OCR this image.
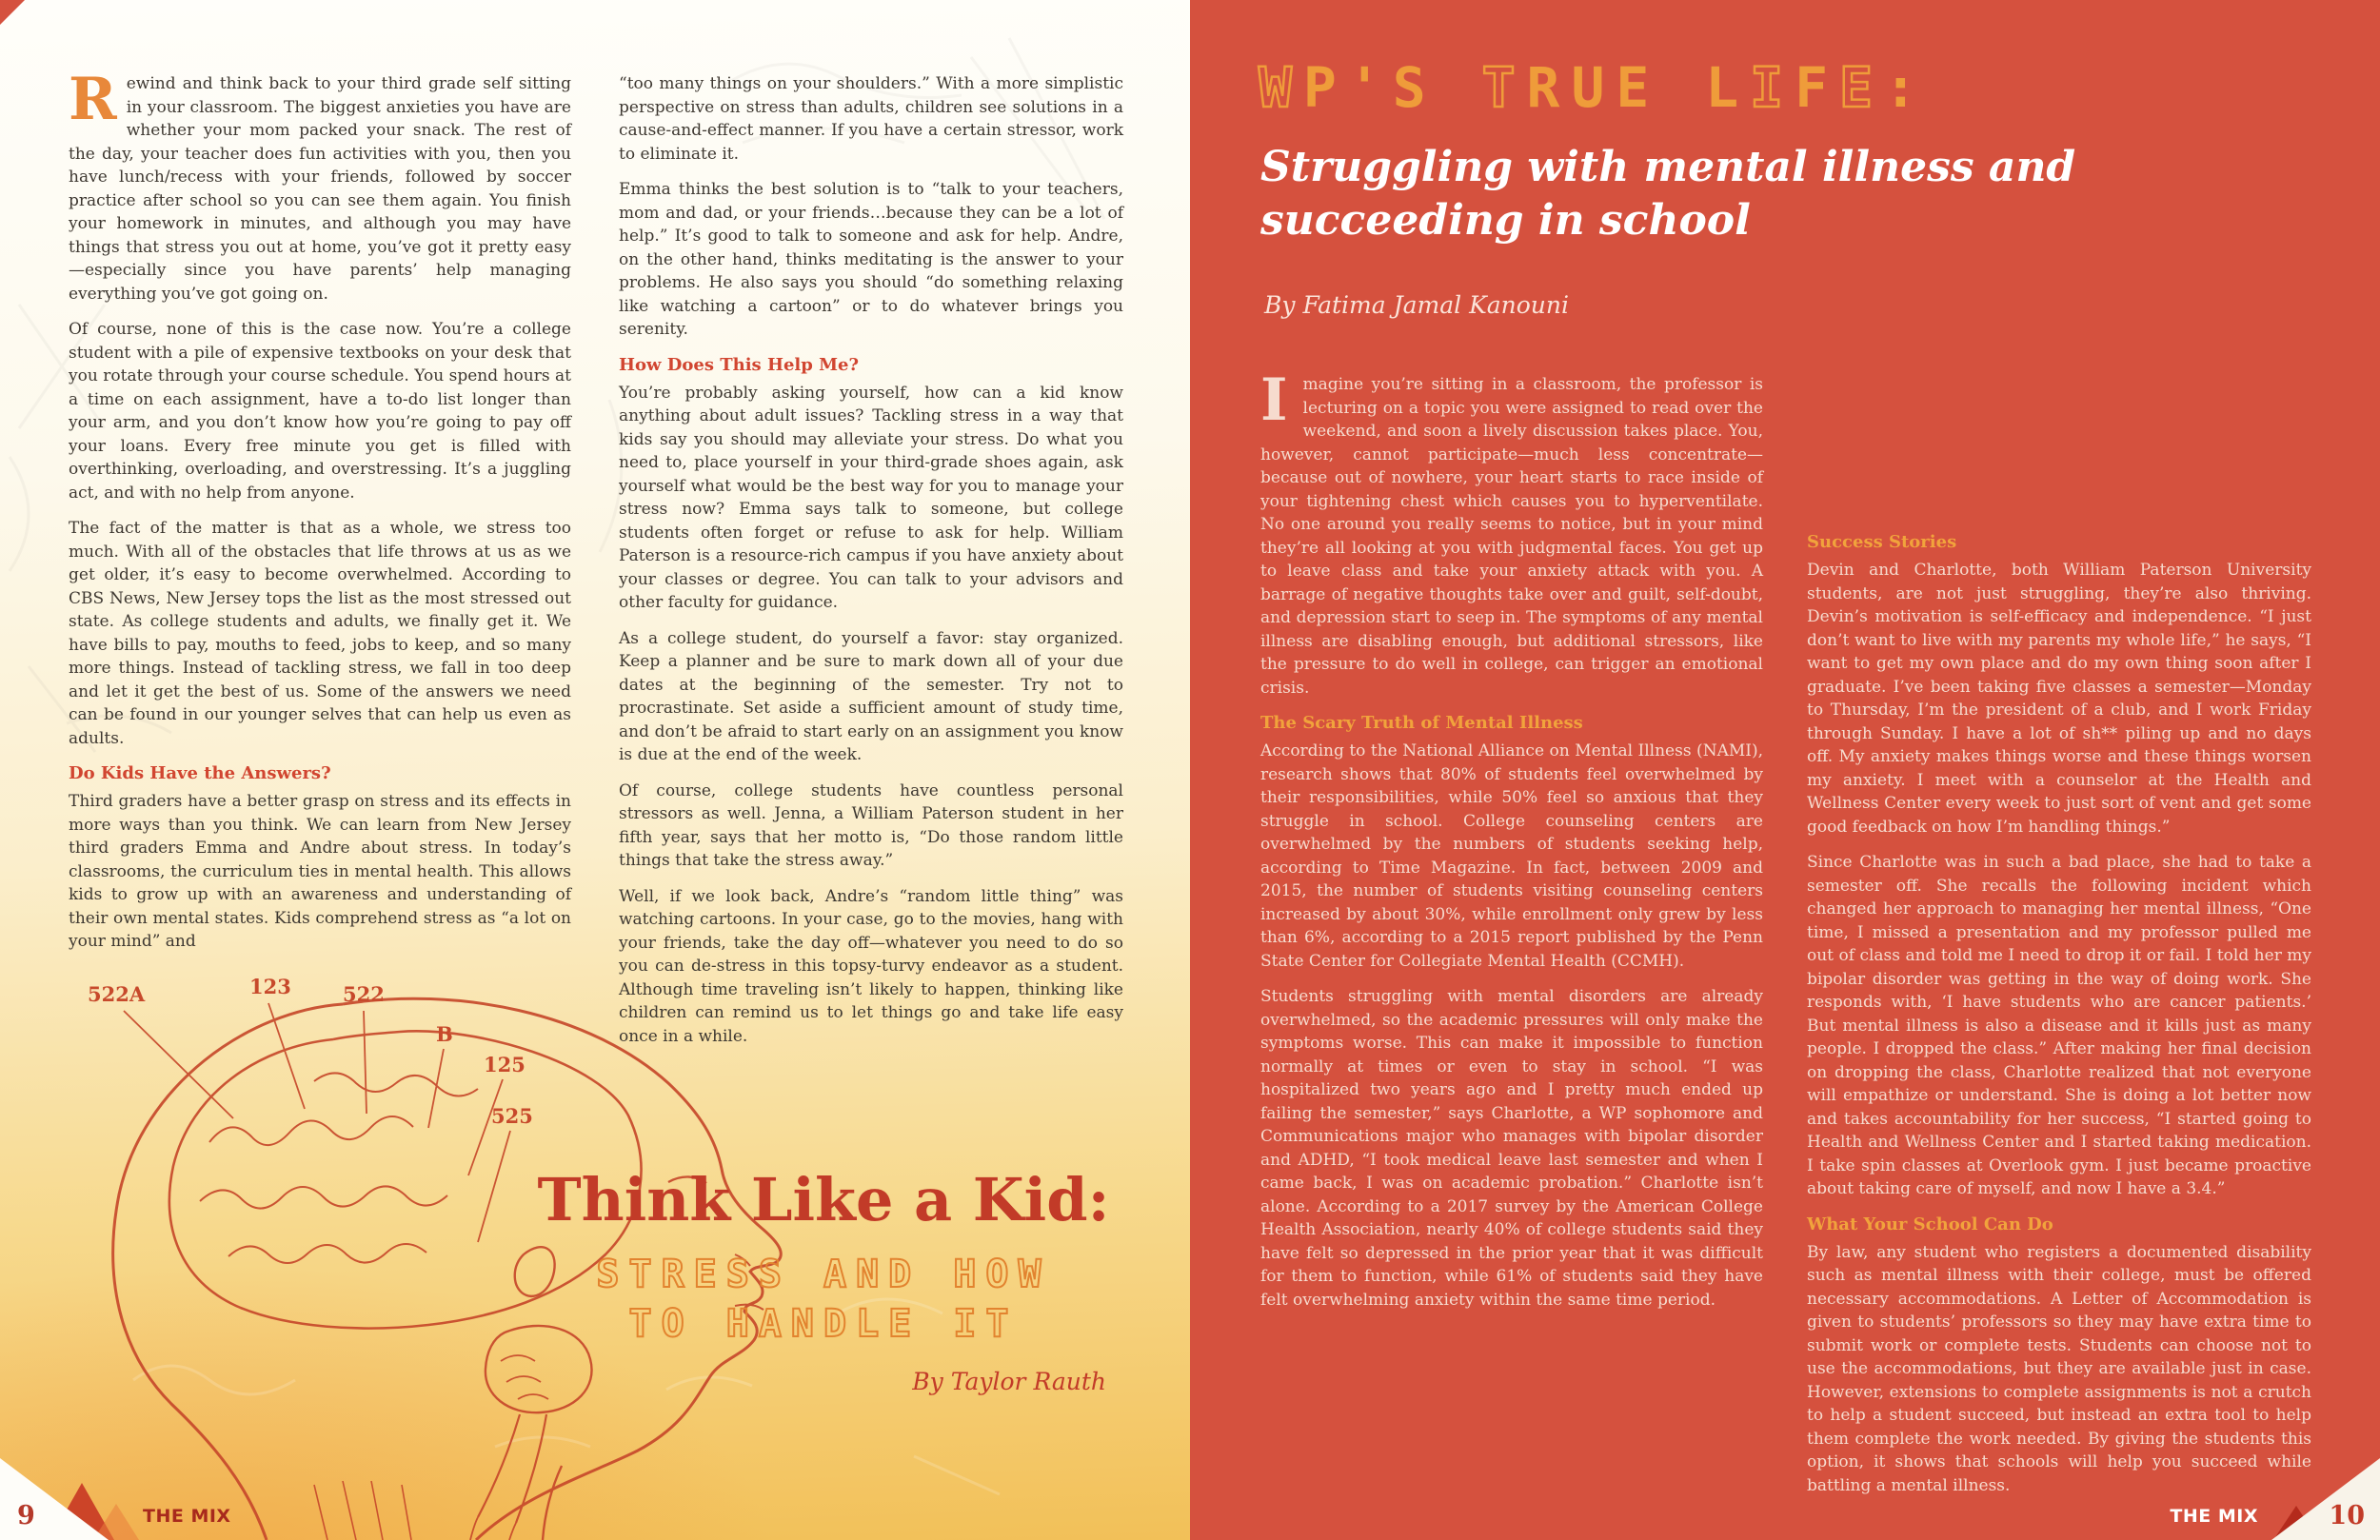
Rewind and think back to your third grade self sitting in your classroom. The biggest anxieties you have are whether your mom packed your snack. The rest of the day, your teacher does fun activities with you, then you have lunch/recess with your friends, followed by soccer practice after school so you can see them again. You finish your homework in minutes, and although you may have things that stress you out at home, you’ve got it pretty easy—especially since you have parents’ help managing everything you’ve got going on.

Of course, none of this is the case now. You’re a college student with a pile of expensive textbooks on your desk that you rotate through your course schedule. You spend hours at a time on each assignment, have a to-do list longer than your arm, and you don’t know how you’re going to pay off your loans. Every free minute you get is filled with overthinking, overloading, and overstressing. It’s a juggling act, and with no help from anyone.

The fact of the matter is that as a whole, we stress too much. With all of the obstacles that life throws at us as we get older, it’s easy to become overwhelmed. According to CBS News, New Jersey tops the list as the most stressed out state. As college students and adults, we finally get it. We have bills to pay, mouths to feed, jobs to keep, and so many more things. Instead of tackling stress, we fall in too deep and let it get the best of us. Some of the answers we need can be found in our younger selves that can help us even as adults.

Do Kids Have the Answers?

Third graders have a better grasp on stress and its effects in more ways than you think. We can learn from New Jersey third graders Emma and Andre about stress. In today’s classrooms, the curriculum ties in mental health. This allows kids to grow up with an awareness and understanding of their own mental states. Kids comprehend stress as “a lot on your mind” and

“too many things on your shoulders.” With a more simplistic perspective on stress than adults, children see solutions in a cause-and-effect manner. If you have a certain stressor, work to eliminate it.

Emma thinks the best solution is to “talk to your teachers, mom and dad, or your friends…because they can be a lot of help.” It’s good to talk to someone and ask for help. Andre, on the other hand, thinks meditating is the answer to your problems. He also says you should “do something relaxing like watching a cartoon” or to do whatever brings you serenity.

How Does This Help Me?

You’re probably asking yourself, how can a kid know anything about adult issues? Tackling stress in a way that kids say you should may alleviate your stress. Do what you need to, place yourself in your third-grade shoes again, ask yourself what would be the best way for you to manage your stress now? Emma says talk to someone, but college students often forget or refuse to ask for help. William Paterson is a resource-rich campus if you have anxiety about your classes or degree. You can talk to your advisors and other faculty for guidance.

As a college student, do yourself a favor: stay organized. Keep a planner and be sure to mark down all of your due dates at the beginning of the semester. Try not to procrastinate. Set aside a sufficient amount of study time, and don’t be afraid to start early on an assignment you know is due at the end of the week.

Of course, college students have countless personal stressors as well. Jenna, a William Paterson student in her fifth year, says that her motto is, “Do those random little things that take the stress away.”

Well, if we look back, Andre’s “random little thing” was watching cartoons. In your case, go to the movies, hang with your friends, take the day off—whatever you need to do so you can de-stress in this topsy-turvy endeavor as a student. Although time traveling isn’t likely to happen, thinking like children can remind us to let things go and take life easy once in a while.

522A	123	522
B
125
525
Think Like a Kid:
STRESS AND HOW
TO HANDLE IT
By Taylor Rauth
9	THE MIX
WP'S TRUE LIFE:
Struggling with mental illness and succeeding in school
By Fatima Jamal Kanouni

Imagine you’re sitting in a classroom, the professor is lecturing on a topic you were assigned to read over the weekend, and soon a lively discussion takes place. You, however, cannot participate—much less concentrate—because out of nowhere, your heart starts to race inside of your tightening chest which causes you to hyperventilate. No one around you really seems to notice, but in your mind they’re all looking at you with judgmental faces. You get up to leave class and take your anxiety attack with you. A barrage of negative thoughts take over and guilt, self-doubt, and depression start to seep in. The symptoms of any mental illness are disabling enough, but additional stressors, like the pressure to do well in college, can trigger an emotional crisis.

The Scary Truth of Mental Illness

According to the National Alliance on Mental Illness (NAMI), research shows that 80% of students feel overwhelmed by their responsibilities, while 50% feel so anxious that they struggle in school. College counseling centers are overwhelmed by the numbers of students seeking help, according to Time Magazine. In fact, between 2009 and 2015, the number of students visiting counseling centers increased by about 30%, while enrollment only grew by less than 6%, according to a 2015 report published by the Penn State Center for Collegiate Mental Health (CCMH).

Students struggling with mental disorders are already overwhelmed, so the academic pressures will only make the symptoms worse. This can make it impossible to function normally at times or even to stay in school. “I was hospitalized two years ago and I pretty much ended up failing the semester,” says Charlotte, a WP sophomore and Communications major who manages with bipolar disorder and ADHD, “I took medical leave last semester and when I came back, I was on academic probation.” Charlotte isn’t alone. According to a 2017 survey by the American College Health Association, nearly 40% of college students said they have felt so depressed in the prior year that it was difficult for them to function, while 61% of students said they have felt overwhelming anxiety within the same time period.

Success Stories

Devin and Charlotte, both William Paterson University students, are not just struggling, they’re also thriving. Devin’s motivation is self-efficacy and independence. “I just don’t want to live with my parents my whole life,” he says, “I want to get my own place and do my own thing soon after I graduate. I’ve been taking five classes a semester—Monday to Thursday, I’m the president of a club, and I work Friday through Sunday. I have a lot of sh** piling up and no days off. My anxiety makes things worse and these things worsen my anxiety. I meet with a counselor at the Health and Wellness Center every week to just sort of vent and get some good feedback on how I’m handling things.”

Since Charlotte was in such a bad place, she had to take a semester off. She recalls the following incident which changed her approach to managing her mental illness, “One time, I missed a presentation and my professor pulled me out of class and told me I need to drop it or fail. I told her my bipolar disorder was getting in the way of doing work. She responds with, ‘I have students who are cancer patients.’ But mental illness is also a disease and it kills just as many people. I dropped the class.” After making her final decision on dropping the class, Charlotte realized that not everyone will empathize or understand. She is doing a lot better now and takes accountability for her success, “I started going to Health and Wellness Center and I started taking medication. I take spin classes at Overlook gym. I just became proactive about taking care of myself, and now I have a 3.4.”

What Your School Can Do

By law, any student who registers a documented disability such as mental illness with their college, must be offered necessary accommodations. A Letter of Accommodation is given to students’ professors so they may have extra time to submit work or complete tests. Students can choose not to use the accommodations, but they are available just in case. However, extensions to complete assignments is not a crutch to help a student succeed, but instead an extra tool to help them complete the work needed. By giving the students this option, it shows that schools will help you succeed while battling a mental illness.

10
THE MIX
